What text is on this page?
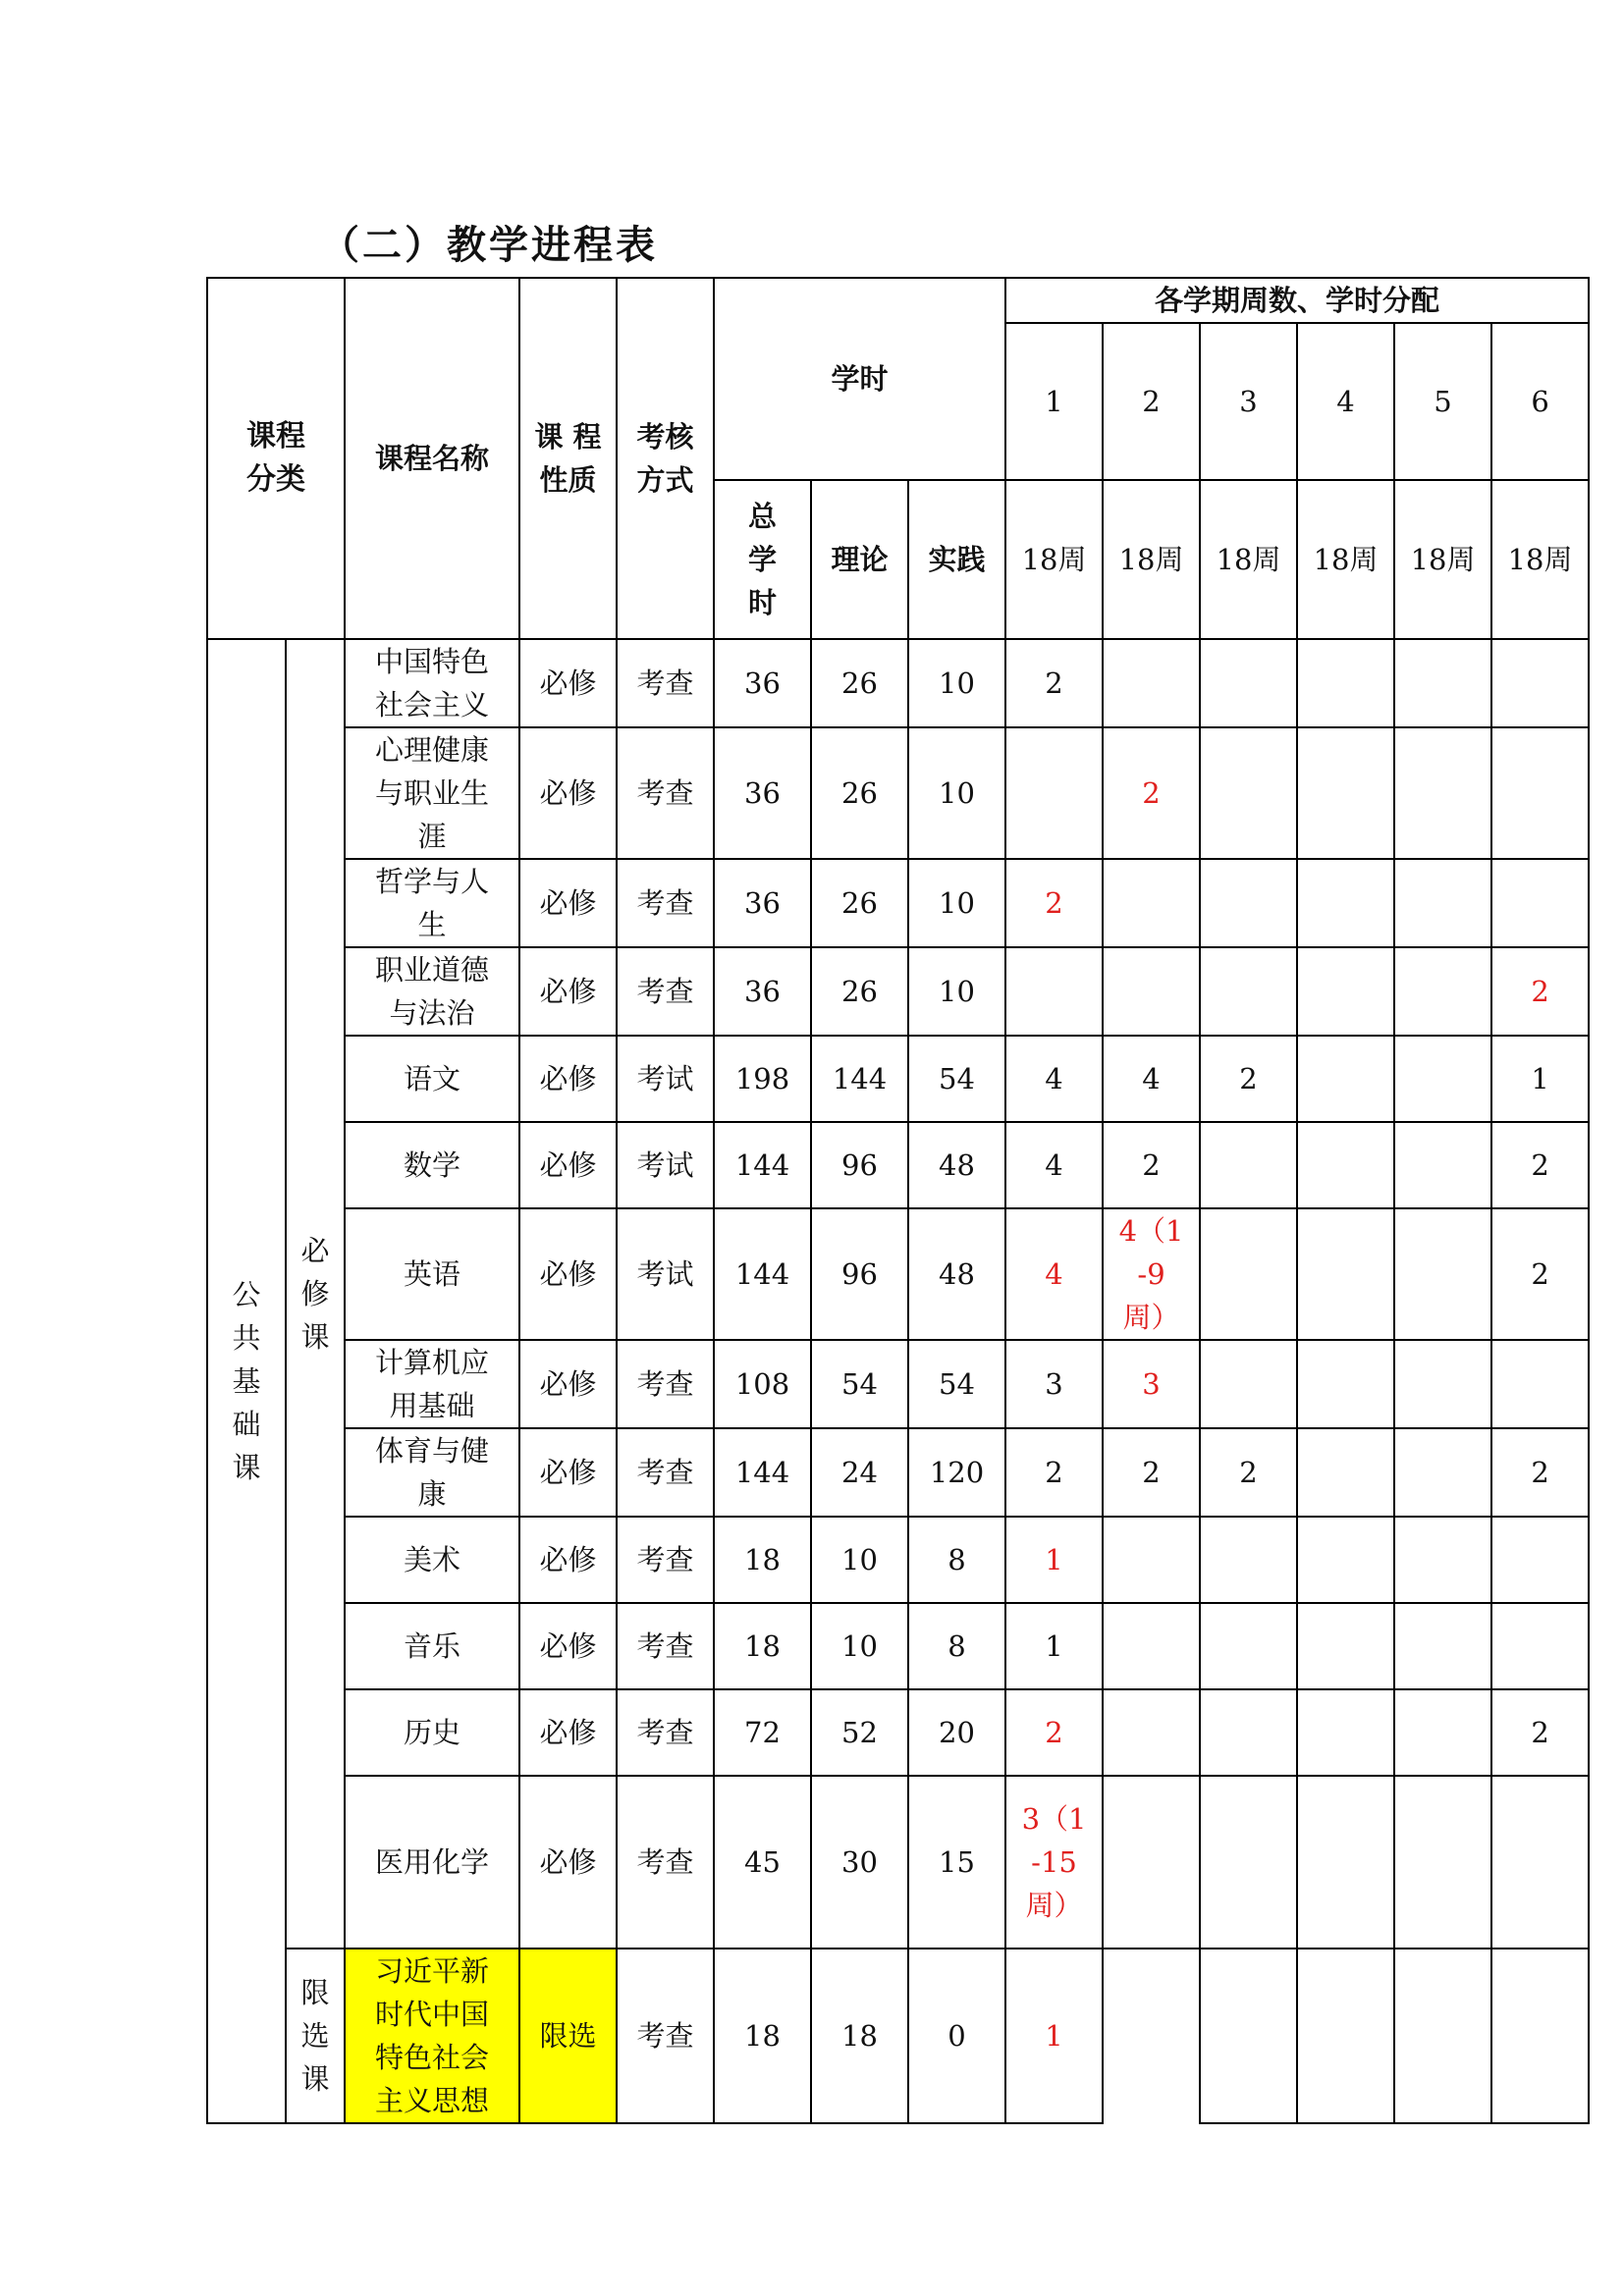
（二）教学进程表
课程分类		课程名称	课 程性质	考核方式	学时			各学期周数、学时分配					
								1	2	3	4	5	6
					总学时	理论	实践	18周	18周	18周	18周	18周	18周
公共基础课	必修课	中国特色社会主义	必修	考查	36	26	10	2					
		心理健康与职业生涯	必修	考查	36	26	10		2				
		哲学与人生	必修	考查	36	26	10	2					
		职业道德与法治	必修	考查	36	26	10						2
		语文	必修	考试	198	144	54	4	4	2			1
		数学	必修	考试	144	96	48	4	2				2
		英语	必修	考试	144	96	48	4	4（1-9周）				2
		计算机应用基础	必修	考查	108	54	54	3	3				
		体育与健康	必修	考查	144	24	120	2	2	2			2
		美术	必修	考查	18	10	8	1					
		音乐	必修	考查	18	10	8	1					
		历史	必修	考查	72	52	20	2					2
		医用化学	必修	考查	45	30	15	3（1-15周）					
	限选课	习近平新时代中国特色社会主义思想	限选	考查	18	18	0	1					
